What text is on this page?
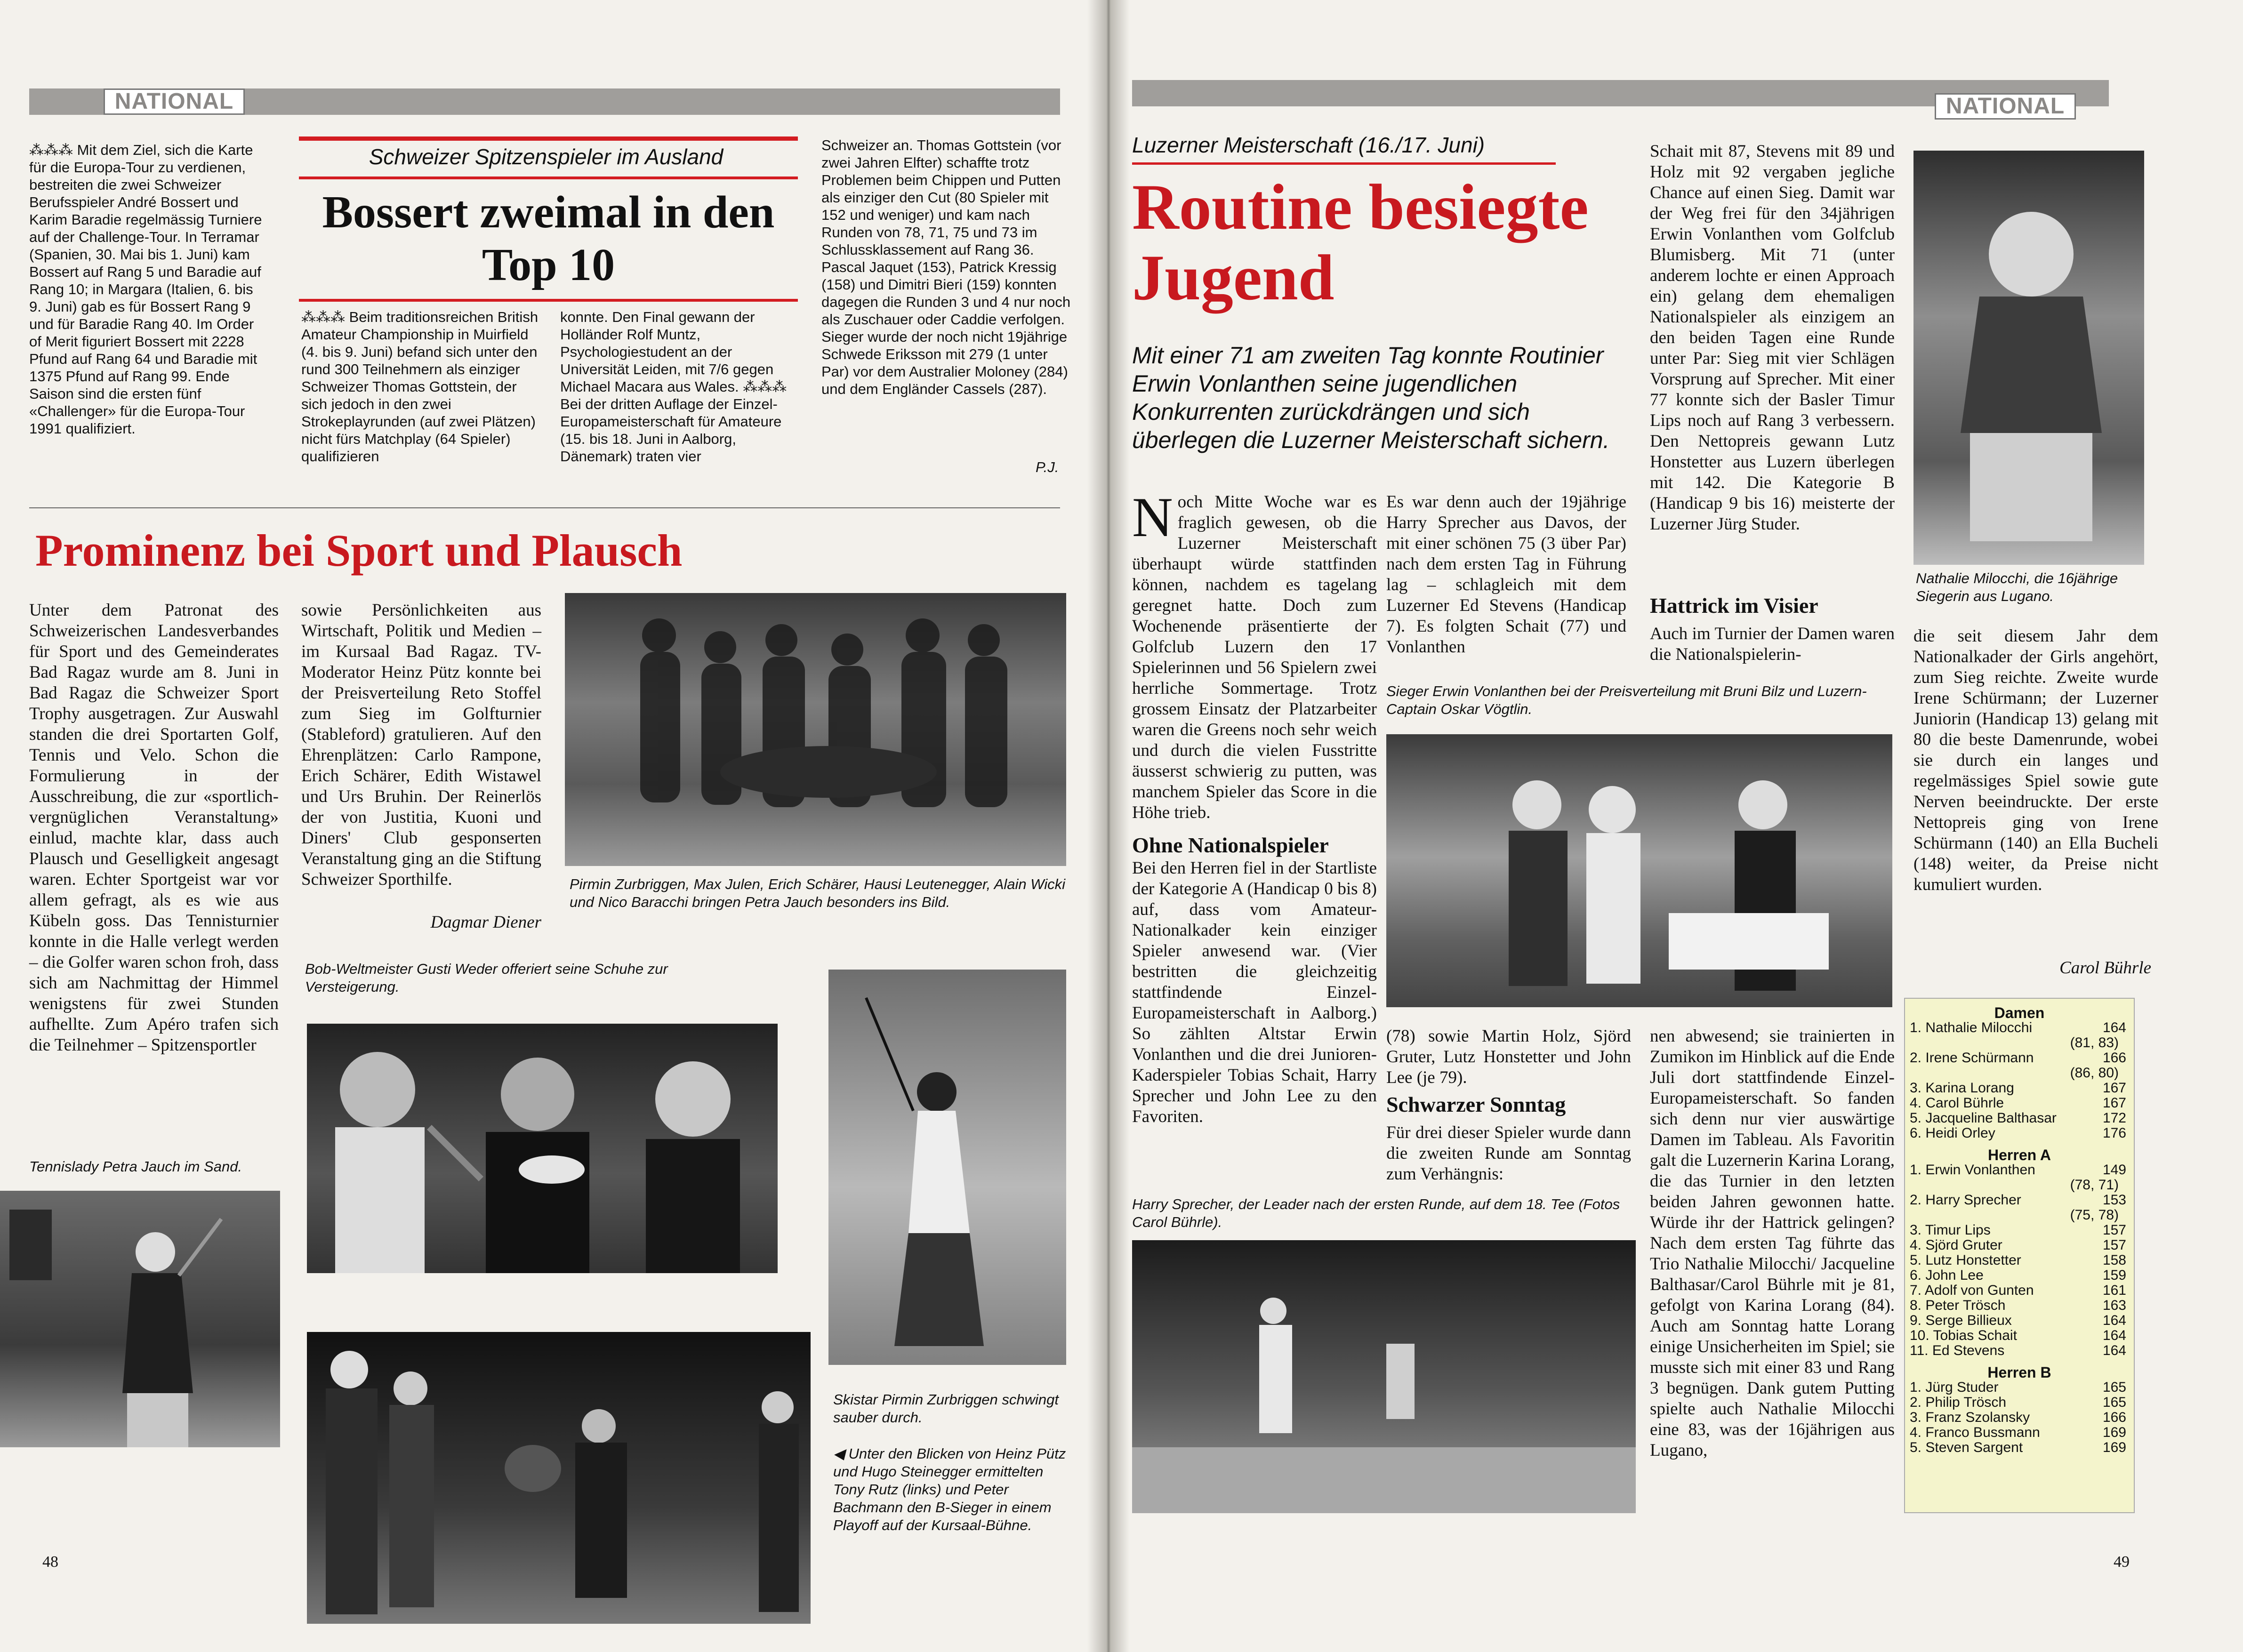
NATIONAL
⁂⁂⁂ Mit dem Ziel, sich die Karte für die Europa-Tour zu verdienen, bestreiten die zwei Schweizer Berufsspieler André Bossert und Karim Baradie regelmässig Turniere auf der Challenge-Tour. In Terramar (Spanien, 30. Mai bis 1. Juni) kam Bossert auf Rang 5 und Baradie auf Rang 10; in Margara (Italien, 6. bis 9. Juni) gab es für Bossert Rang 9 und für Baradie Rang 40. Im Order of Merit figuriert Bossert mit 2228 Pfund auf Rang 64 und Baradie mit 1375 Pfund auf Rang 99. Ende Saison sind die ersten fünf «Challenger» für die Europa-Tour 1991 qualifiziert.
Schweizer Spitzenspieler im Ausland
Bossert zweimal in den
Top 10
⁂⁂⁂ Beim traditionsreichen British Amateur Championship in Muirfield (4. bis 9. Juni) befand sich unter den rund 300 Teilnehmern als einziger Schweizer Thomas Gottstein, der sich jedoch in den zwei Strokeplayrunden (auf zwei Plätzen) nicht fürs Matchplay (64 Spieler) qualifizieren
konnte. Den Final gewann der Holländer Rolf Muntz, Psychologiestudent an der Universität Leiden, mit 7/6 gegen Michael Macara aus Wales. ⁂⁂⁂ Bei der dritten Auflage der Einzel-Europameisterschaft für Amateure (15. bis 18. Juni in Aalborg, Dänemark) traten vier
Schweizer an. Thomas Gottstein (vor zwei Jahren Elfter) schaffte trotz Problemen beim Chippen und Putten als einziger den Cut (80 Spieler mit 152 und weniger) und kam nach Runden von 78, 71, 75 und 73 im Schlussklassement auf Rang 36. Pascal Jaquet (153), Patrick Kressig (158) und Dimitri Bieri (159) konnten dagegen die Runden 3 und 4 nur noch als Zuschauer oder Caddie verfolgen. Sieger wurde der noch nicht 19jährige Schwede Eriksson mit 279 (1 unter Par) vor dem Australier Moloney (284) und dem Engländer Cassels (287).
P.J.
Prominenz bei Sport und Plausch
Unter dem Patronat des Schweizerischen Landesverbandes für Sport und des Gemeinderates Bad Ragaz wurde am 8. Juni in Bad Ragaz die Schweizer Sport Trophy ausgetragen. Zur Auswahl standen die drei Sportarten Golf, Tennis und Velo. Schon die Formulierung in der Ausschreibung, die zur «sportlich-vergnüglichen Veranstaltung» einlud, machte klar, dass auch Plausch und Geselligkeit angesagt waren. Echter Sportgeist war vor allem gefragt, als es wie aus Kübeln goss. Das Tennisturnier konnte in die Halle verlegt werden – die Golfer waren schon froh, dass sich am Nachmittag der Himmel wenigstens für zwei Stunden aufhellte. Zum Apéro trafen sich die Teilnehmer – Spitzensportler
sowie Persönlichkeiten aus Wirtschaft, Politik und Medien – im Kursaal Bad Ragaz. TV-Moderator Heinz Pütz konnte bei der Preisverteilung Reto Stoffel zum Sieg im Golfturnier (Stableford) gratulieren. Auf den Ehrenplätzen: Carlo Rampone, Erich Schärer, Edith Wistawel und Urs Bruhin. Der Reinerlös der von Justitia, Kuoni und Diners' Club gesponserten Veranstaltung ging an die Stiftung Schweizer Sporthilfe.
Dagmar Diener
Tennislady Petra Jauch im Sand.
Pirmin Zurbriggen, Max Julen, Erich Schärer, Hausi Leutenegger, Alain Wicki und Nico Baracchi bringen Petra Jauch besonders ins Bild.
Bob-Weltmeister Gusti Weder offeriert seine Schuhe zur Versteigerung.
Skistar Pirmin Zurbriggen schwingt sauber durch.
◀ Unter den Blicken von Heinz Pütz und Hugo Steinegger ermittelten Tony Rutz (links) und Peter Bachmann den B-Sieger in einem Playoff auf der Kursaal-Bühne.
48
NATIONAL
Luzerner Meisterschaft (16./17. Juni)
Routine besiegte
Jugend
Mit einer 71 am zweiten Tag konnte Routinier Erwin Vonlanthen seine jugendlichen Konkurrenten zurückdrängen und sich überlegen die Luzerner Meisterschaft sichern.
Schait mit 87, Stevens mit 89 und Holz mit 92 vergaben jegliche Chance auf einen Sieg. Damit war der Weg frei für den 34jährigen Erwin Vonlanthen vom Golfclub Blumisberg. Mit 71 (unter anderem lochte er einen Approach ein) gelang dem ehemaligen Nationalspieler als einzigem an den beiden Tagen eine Runde unter Par: Sieg mit vier Schlägen Vorsprung auf Sprecher. Mit einer 77 konnte sich der Basler Timur Lips noch auf Rang 3 verbessern. Den Nettopreis gewann Lutz Honstetter aus Luzern überlegen mit 142. Die Kategorie B (Handicap 9 bis 16) meisterte der Luzerner Jürg Studer.
Nathalie Milocchi, die 16jährige Siegerin aus Lugano.
Noch Mitte Woche war es fraglich gewesen, ob die Luzerner Meisterschaft überhaupt würde stattfinden können, nachdem es tagelang geregnet hatte. Doch zum Wochenende präsentierte der Golfclub Luzern den 17 Spielerinnen und 56 Spielern zwei herrliche Sommertage. Trotz grossem Einsatz der Platzarbeiter waren die Greens noch sehr weich und durch die vielen Fusstritte äusserst schwierig zu putten, was manchem Spieler das Score in die Höhe trieb.
Ohne Nationalspieler
Bei den Herren fiel in der Startliste der Kategorie A (Handicap 0 bis 8) auf, dass vom Amateur-Nationalkader kein einziger Spieler anwesend war. (Vier bestritten die gleichzeitig stattfindende Einzel-Europameisterschaft in Aalborg.) So zählten Altstar Erwin Vonlanthen und die drei Junioren-Kaderspieler Tobias Schait, Harry Sprecher und John Lee zu den Favoriten.
Es war denn auch der 19jährige Harry Sprecher aus Davos, der mit einer schönen 75 (3 über Par) nach dem ersten Tag in Führung lag – schlagleich mit dem Luzerner Ed Stevens (Handicap 7). Es folgten Schait (77) und Vonlanthen
Hattrick im Visier
Auch im Turnier der Damen waren die Nationalspielerin-
Sieger Erwin Vonlanthen bei der Preisverteilung mit Bruni Bilz und Luzern-Captain Oskar Vögtlin.
(78) sowie Martin Holz, Sjörd Gruter, Lutz Honstetter und John Lee (je 79).
Schwarzer Sonntag
Für drei dieser Spieler wurde dann die zweiten Runde am Sonntag zum Verhängnis:
nen abwesend; sie trainierten in Zumikon im Hinblick auf die Ende Juli dort stattfindende Einzel-Europameisterschaft. So fanden sich denn nur vier auswärtige Damen im Tableau. Als Favoritin galt die Luzernerin Karina Lorang, die das Turnier in den letzten beiden Jahren gewonnen hatte. Würde ihr der Hattrick gelingen? Nach dem ersten Tag führte das Trio Nathalie Milocchi/ Jacqueline Balthasar/Carol Bührle mit je 81, gefolgt von Karina Lorang (84). Auch am Sonntag hatte Lorang einige Unsicherheiten im Spiel; sie musste sich mit einer 83 und Rang 3 begnügen. Dank gutem Putting spielte auch Nathalie Milocchi eine 83, was der 16jährigen aus Lugano,
Harry Sprecher, der Leader nach der ersten Runde, auf dem 18. Tee (Fotos Carol Bührle).
die seit diesem Jahr dem Nationalkader der Girls angehört, zum Sieg reichte. Zweite wurde Irene Schürmann; der Luzerner Juniorin (Handicap 13) gelang mit 80 die beste Damenrunde, wobei sie durch ein langes und regelmässiges Spiel sowie gute Nerven beeindruckte. Der erste Nettopreis ging von Irene Schürmann (140) an Ella Bucheli (148) weiter, da Preise nicht kumuliert wurden.
Carol Bührle
49
Damen
1. Nathalie Milocchi	164
(81, 83)
2. Irene Schürmann	166
(86, 80)
3. Karina Lorang	167
4. Carol Bührle	167
5. Jacqueline Balthasar	172
6. Heidi Orley	176
Herren A
1. Erwin Vonlanthen	149
(78, 71)
2. Harry Sprecher	153
(75, 78)
3. Timur Lips	157
4. Sjörd Gruter	157
5. Lutz Honstetter	158
6. John Lee	159
7. Adolf von Gunten	161
8. Peter Trösch	163
9. Serge Billieux	164
10. Tobias Schait	164
11. Ed Stevens	164
Herren B
1. Jürg Studer	165
2. Philip Trösch	165
3. Franz Szolansky	166
4. Franco Bussmann	169
5. Steven Sargent	169
